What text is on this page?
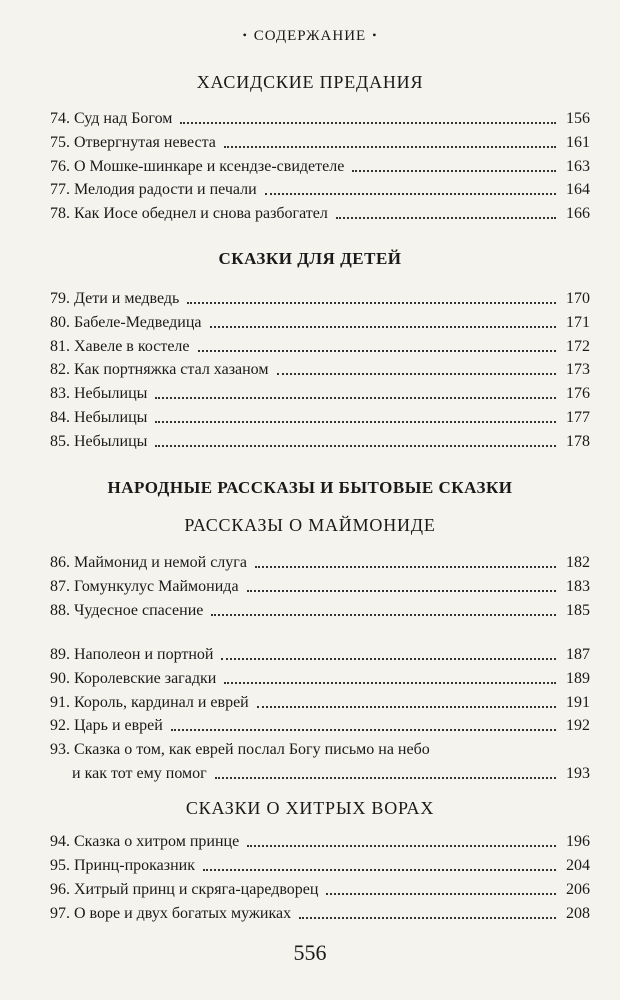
• СОДЕРЖАНИЕ •
ХАСИДСКИЕ ПРЕДАНИЯ
74. Суд над Богом	156
75. Отвергнутая невеста	161
76. О Мошке-шинкаре и ксендзе-свидетеле	163
77. Мелодия радости и печали	164
78. Как Иосе обеднел и снова разбогател	166
СКАЗКИ ДЛЯ ДЕТЕЙ
79. Дети и медведь	170
80. Бабеле-Медведица	171
81. Хавеле в костеле	172
82. Как портняжка стал хазаном	173
83. Небылицы	176
84. Небылицы	177
85. Небылицы	178
НАРОДНЫЕ РАССКАЗЫ И БЫТОВЫЕ СКАЗКИ
РАССКАЗЫ О МАЙМОНИДЕ
86. Маймонид и немой слуга	182
87. Гомункулус Маймонида	183
88. Чудесное спасение	185
89. Наполеон и портной	187
90. Королевские загадки	189
91. Король, кардинал и еврей	191
92. Царь и еврей	192
93. Сказка о том, как еврей послал Богу письмо на небо
и как тот ему помог	193
СКАЗКИ О ХИТРЫХ ВОРАХ
94. Сказка о хитром принце	196
95. Принц-проказник	204
96. Хитрый принц и скряга-царедворец	206
97. О воре и двух богатых мужиках	208
556
